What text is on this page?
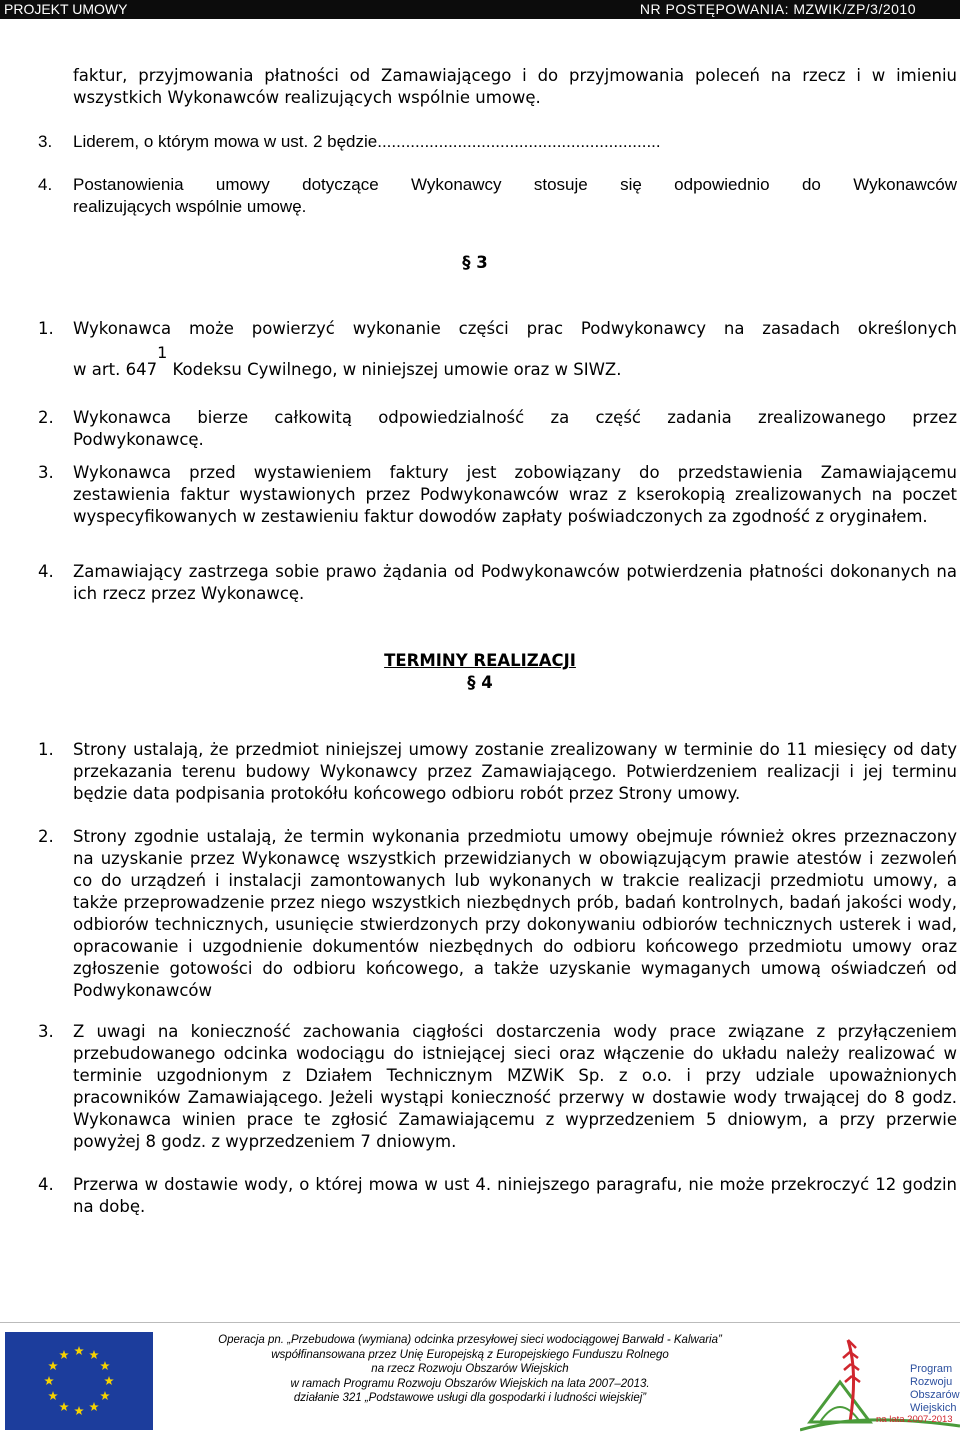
PROJEKT UMOWY	NR POSTĘPOWANIA: MZWIK/ZP/3/2010
faktur, przyjmowania płatności od Zamawiającego i do przyjmowania poleceń na rzecz i w imieniu
wszystkich Wykonawców realizujących wspólnie umowę.
3. Liderem, o którym mowa w ust. 2 będzie............................................................
4. Postanowienia umowy dotyczące Wykonawcy stosuje się odpowiednio do Wykonawców
realizujących wspólnie umowę.
§ 3
1. Wykonawca może powierzyć wykonanie części prac Podwykonawcy na zasadach określonych
w art. 6471 Kodeksu Cywilnego, w niniejszej umowie oraz w SIWZ.
2. Wykonawca bierze całkowitą odpowiedzialność za część zadania zrealizowanego przez
Podwykonawcę.
3. Wykonawca przed wystawieniem faktury jest zobowiązany do przedstawienia Zamawiającemu zestawienia faktur wystawionych przez Podwykonawców wraz z kserokopią zrealizowanych na poczet wyspecyfikowanych w zestawieniu faktur dowodów zapłaty poświadczonych za zgodność z oryginałem.
4. Zamawiający zastrzega sobie prawo żądania od Podwykonawców potwierdzenia płatności dokonanych na ich rzecz przez Wykonawcę.
TERMINY REALIZACJI
§ 4
1. Strony ustalają, że przedmiot niniejszej umowy zostanie zrealizowany w terminie do 11 miesięcy od daty przekazania terenu budowy Wykonawcy przez Zamawiającego. Potwierdzeniem realizacji i jej terminu będzie data podpisania protokółu końcowego odbioru robót przez Strony umowy.
2. Strony zgodnie ustalają, że termin wykonania przedmiotu umowy obejmuje również okres przeznaczony na uzyskanie przez Wykonawcę wszystkich przewidzianych w obowiązującym prawie atestów i zezwoleń co do urządzeń i instalacji zamontowanych lub wykonanych w trakcie realizacji przedmiotu umowy, a także przeprowadzenie przez niego wszystkich niezbędnych prób, badań kontrolnych, badań jakości wody, odbiorów technicznych, usunięcie stwierdzonych przy dokonywaniu odbiorów technicznych usterek i wad, opracowanie i uzgodnienie dokumentów niezbędnych do odbioru końcowego przedmiotu umowy oraz zgłoszenie gotowości do odbioru końcowego, a także uzyskanie wymaganych umową oświadczeń od Podwykonawców
3. Z uwagi na konieczność zachowania ciągłości dostarczenia wody prace związane z przyłączeniem przebudowanego odcinka wodociągu do istniejącej sieci oraz włączenie do układu należy realizować w terminie uzgodnionym z Działem Technicznym MZWiK Sp. z o.o. i przy udziale upoważnionych pracowników Zamawiającego. Jeżeli wystąpi konieczność przerwy w dostawie wody trwającej do 8 godz. Wykonawca winien prace te zgłosić Zamawiającemu z wyprzedzeniem 5 dniowym, a przy przerwie powyżej 8 godz. z wyprzedzeniem 7 dniowym.
4. Przerwa w dostawie wody, o której mowa w ust 4. niniejszego paragrafu, nie może przekroczyć 12 godzin na dobę.
Operacja pn. „Przebudowa (wymiana) odcinka przesyłowej sieci wodociągowej Barwałd - Kalwaria”
współfinansowana przez Unię Europejską z Europejskiego Funduszu Rolnego
na rzecz Rozwoju Obszarów Wiejskich
w ramach Programu Rozwoju Obszarów Wiejskich na lata 2007–2013.
działanie 321 „Podstawowe usługi dla gospodarki i ludności wiejskiej”
Program
Rozwoju
Obszarów
Wiejskich
na lata 2007-2013
